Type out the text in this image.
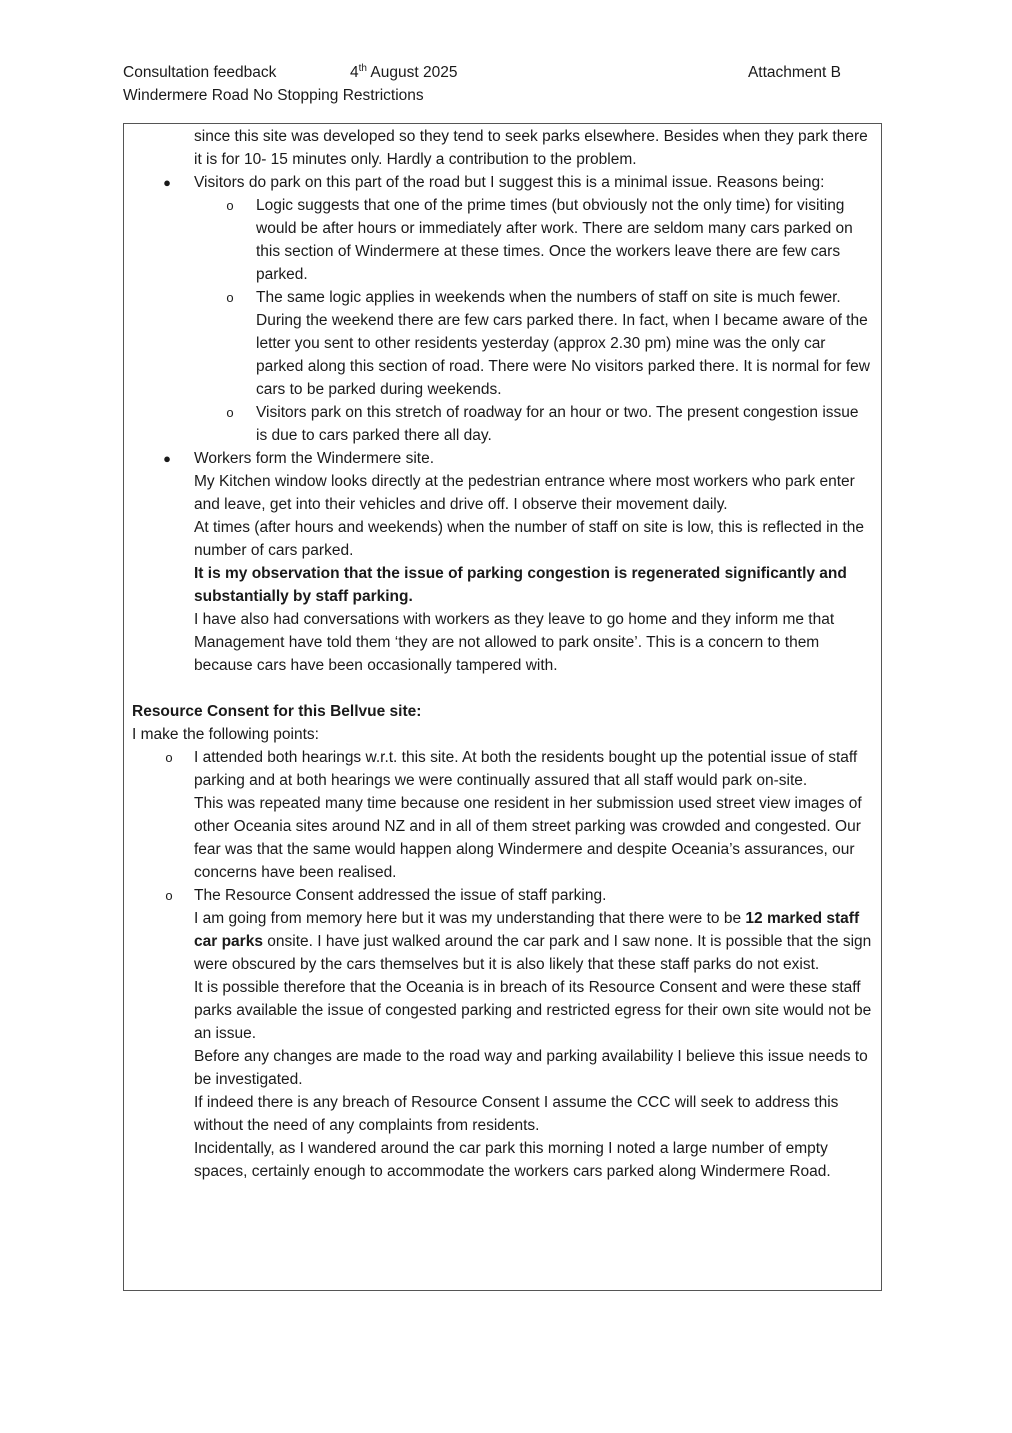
Consultation feedback	4th August 2025	Attachment B
Windermere Road No Stopping Restrictions

since this site was developed so they tend to seek parks elsewhere. Besides when they park there it is for 10- 15 minutes only. Hardly a contribution to the problem.

● Visitors do park on this part of the road but I suggest this is a minimal issue. Reasons being:

o Logic suggests that one of the prime times (but obviously not the only time) for visiting would be after hours or immediately after work. There are seldom many cars parked on this section of Windermere at these times. Once the workers leave there are few cars parked.

o The same logic applies in weekends when the numbers of staff on site is much fewer. During the weekend there are few cars parked there. In fact, when I became aware of the letter you sent to other residents yesterday (approx 2.30 pm) mine was the only car parked along this section of road. There were No visitors parked there. It is normal for few cars to be parked during weekends.

o Visitors park on this stretch of roadway for an hour or two. The present congestion issue is due to cars parked there all day.

● Workers form the Windermere site.

My Kitchen window looks directly at the pedestrian entrance where most workers who park enter and leave, get into their vehicles and drive off. I observe their movement daily.

At times (after hours and weekends) when the number of staff on site is low, this is reflected in the number of cars parked.

It is my observation that the issue of parking congestion is regenerated significantly and substantially by staff parking.

I have also had conversations with workers as they leave to go home and they inform me that Management have told them ‘they are not allowed to park onsite’. This is a concern to them because cars have been occasionally tampered with.

Resource Consent for this Bellvue site:

I make the following points:

o I attended both hearings w.r.t. this site. At both the residents bought up the potential issue of staff parking and at both hearings we were continually assured that all staff would park on-site.

This was repeated many time because one resident in her submission used street view images of other Oceania sites around NZ and in all of them street parking was crowded and congested. Our fear was that the same would happen along Windermere and despite Oceania’s assurances, our concerns have been realised.

o The Resource Consent addressed the issue of staff parking.

I am going from memory here but it was my understanding that there were to be 12 marked staff car parks onsite. I have just walked around the car park and I saw none. It is possible that the sign were obscured by the cars themselves but it is also likely that these staff parks do not exist.

It is possible therefore that the Oceania is in breach of its Resource Consent and were these staff parks available the issue of congested parking and restricted egress for their own site would not be an issue.

Before any changes are made to the road way and parking availability I believe this issue needs to be investigated.

If indeed there is any breach of Resource Consent I assume the CCC will seek to address this without the need of any complaints from residents.

Incidentally, as I wandered around the car park this morning I noted a large number of empty spaces, certainly enough to accommodate the workers cars parked along Windermere Road.
